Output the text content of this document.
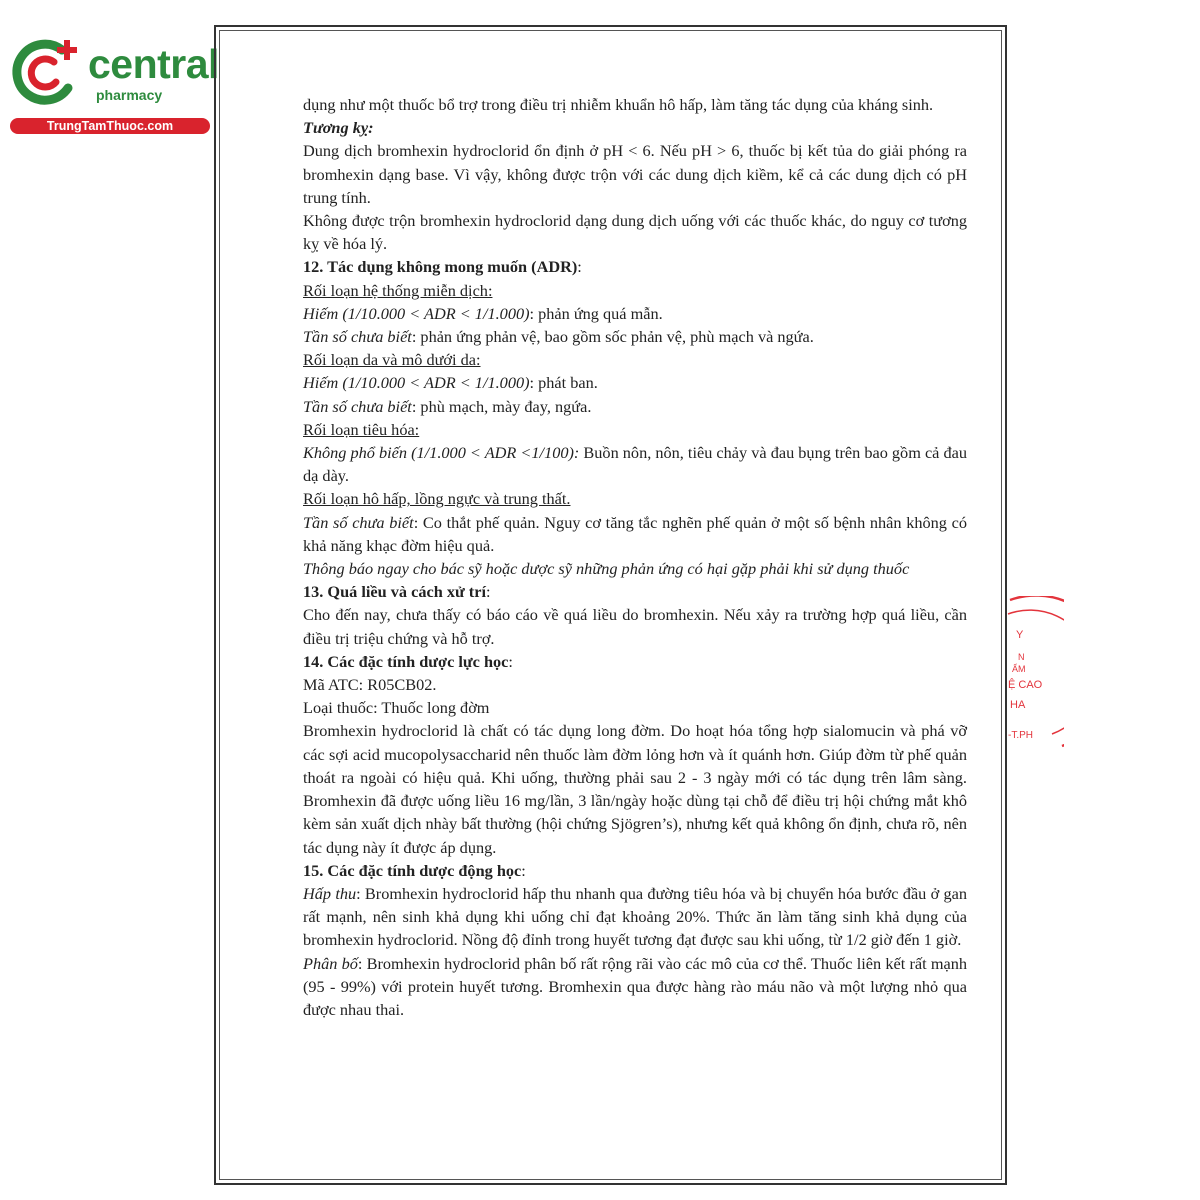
central
pharmacy
TrungTamThuoc.com

dụng như một thuốc bổ trợ trong điều trị nhiễm khuẩn hô hấp, làm tăng tác dụng của kháng sinh.

Tương kỵ:

Dung dịch bromhexin hydroclorid ổn định ở pH < 6. Nếu pH > 6, thuốc bị kết tủa do giải phóng ra bromhexin dạng base. Vì vậy, không được trộn với các dung dịch kiềm, kể cả các dung dịch có pH trung tính.

Không được trộn bromhexin hydroclorid dạng dung dịch uống với các thuốc khác, do nguy cơ tương kỵ về hóa lý.

12. Tác dụng không mong muốn (ADR):

Rối loạn hệ thống miễn dịch:

Hiếm (1/10.000 < ADR < 1/1.000): phản ứng quá mẫn.

Tần số chưa biết: phản ứng phản vệ, bao gồm sốc phản vệ, phù mạch và ngứa.

Rối loạn da và mô dưới da:

Hiếm (1/10.000 < ADR < 1/1.000): phát ban.

Tần số chưa biết: phù mạch, mày đay, ngứa.

Rối loạn tiêu hóa:

Không phổ biến (1/1.000 < ADR <1/100): Buồn nôn, nôn, tiêu chảy và đau bụng trên bao gồm cả đau dạ dày.

Rối loạn hô hấp, lồng ngực và trung thất.

Tần số chưa biết: Co thắt phế quản. Nguy cơ tăng tắc nghẽn phế quản ở một số bệnh nhân không có khả năng khạc đờm hiệu quả.

Thông báo ngay cho bác sỹ hoặc dược sỹ những phản ứng có hại gặp phải khi sử dụng thuốc

13. Quá liều và cách xử trí:

Cho đến nay, chưa thấy có báo cáo về quá liều do bromhexin. Nếu xảy ra trường hợp quá liều, cần điều trị triệu chứng và hỗ trợ.

14. Các đặc tính dược lực học:

Mã ATC: R05CB02.

Loại thuốc: Thuốc long đờm

Bromhexin hydroclorid là chất có tác dụng long đờm. Do hoạt hóa tổng hợp sialomucin và phá vỡ các sợi acid mucopolysaccharid nên thuốc làm đờm lỏng hơn và ít quánh hơn. Giúp đờm từ phế quản thoát ra ngoài có hiệu quả. Khi uống, thường phải sau 2 - 3 ngày mới có tác dụng trên lâm sàng. Bromhexin đã được uống liều 16 mg/lần, 3 lần/ngày hoặc dùng tại chỗ để điều trị hội chứng mắt khô kèm sản xuất dịch nhày bất thường (hội chứng Sjögren’s), nhưng kết quả không ổn định, chưa rõ, nên tác dụng này ít được áp dụng.

15. Các đặc tính dược động học:

Hấp thu: Bromhexin hydroclorid hấp thu nhanh qua đường tiêu hóa và bị chuyển hóa bước đầu ở gan rất mạnh, nên sinh khả dụng khi uống chỉ đạt khoảng 20%. Thức ăn làm tăng sinh khả dụng của bromhexin hydroclorid. Nồng độ đỉnh trong huyết tương đạt được sau khi uống, từ 1/2 giờ đến 1 giờ.

Phân bố: Bromhexin hydroclorid phân bố rất rộng rãi vào các mô của cơ thể. Thuốc liên kết rất mạnh (95 - 99%) với protein huyết tương. Bromhexin qua được hàng rào máu não và một lượng nhỏ qua được nhau thai.

Y
N
ẨM
Ệ CAO
HA
-T.PH
